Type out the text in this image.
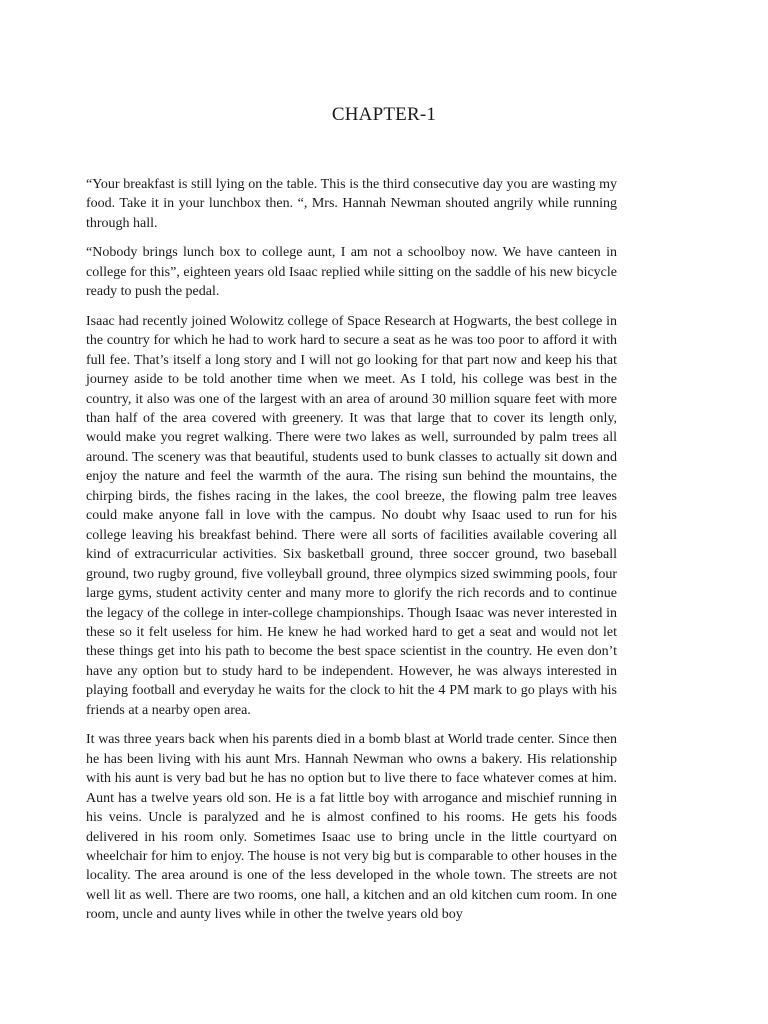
CHAPTER-1

“Your breakfast is still lying on the table. This is the third consecutive day you are wasting my food. Take it in your lunchbox then. “, Mrs. Hannah Newman shouted angrily while running through hall.

“Nobody brings lunch box to college aunt, I am not a schoolboy now. We have canteen in college for this”, eighteen years old Isaac replied while sitting on the saddle of his new bicycle ready to push the pedal.

Isaac had recently joined Wolowitz college of Space Research at Hogwarts, the best college in the country for which he had to work hard to secure a seat as he was too poor to afford it with full fee. That’s itself a long story and I will not go looking for that part now and keep his that journey aside to be told another time when we meet. As I told, his college was best in the country, it also was one of the largest with an area of around 30 million square feet with more than half of the area covered with greenery. It was that large that to cover its length only, would make you regret walking. There were two lakes as well, surrounded by palm trees all around. The scenery was that beautiful, students used to bunk classes to actually sit down and enjoy the nature and feel the warmth of the aura. The rising sun behind the mountains, the chirping birds, the fishes racing in the lakes, the cool breeze, the flowing palm tree leaves could make anyone fall in love with the campus. No doubt why Isaac used to run for his college leaving his breakfast behind. There were all sorts of facilities available covering all kind of extracurricular activities. Six basketball ground, three soccer ground, two baseball ground, two rugby ground, five volleyball ground, three olympics sized swimming pools, four large gyms, student activity center and many more to glorify the rich records and to continue the legacy of the college in inter-college championships. Though Isaac was never interested in these so it felt useless for him. He knew he had worked hard to get a seat and would not let these things get into his path to become the best space scientist in the country. He even don’t have any option but to study hard to be independent. However, he was always interested in playing football and everyday he waits for the clock to hit the 4 PM mark to go plays with his friends at a nearby open area.

It was three years back when his parents died in a bomb blast at World trade center. Since then he has been living with his aunt Mrs. Hannah Newman who owns a bakery. His relationship with his aunt is very bad but he has no option but to live there to face whatever comes at him. Aunt has a twelve years old son. He is a fat little boy with arrogance and mischief running in his veins. Uncle is paralyzed and he is almost confined to his rooms. He gets his foods delivered in his room only. Sometimes Isaac use to bring uncle in the little courtyard on wheelchair for him to enjoy. The house is not very big but is comparable to other houses in the locality. The area around is one of the less developed in the whole town. The streets are not well lit as well. There are two rooms, one hall, a kitchen and an old kitchen cum room. In one room, uncle and aunty lives while in other the twelve years old boy
